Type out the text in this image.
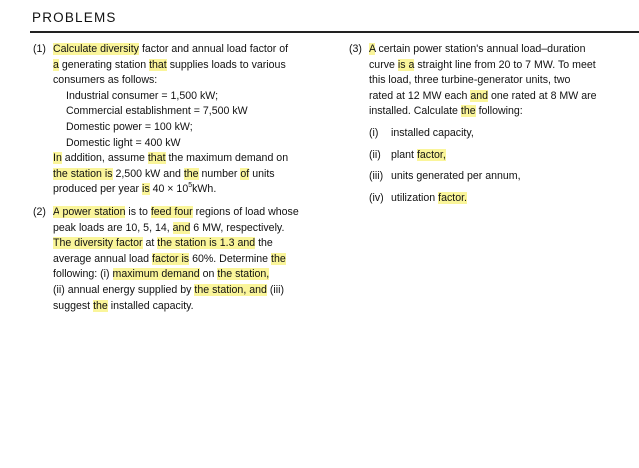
PROBLEMS
(1) Calculate diversity factor and annual load factor of
a generating station that supplies loads to various
consumers as follows:
Industrial consumer = 1,500 kW;
Commercial establishment = 7,500 kW
Domestic power = 100 kW;
Domestic light = 400 kW
In addition, assume that the maximum demand on
the station is 2,500 kW and the number of units
produced per year is $40 \times 10^5kWh$.
(2) A power station is to feed four regions of load whose
peak loads are 10, 5, 14, and 6 MW, respectively.
The diversity factor at the station is 1.3 and the
average annual load factor is 60%. Determine the
following: (i) maximum demand on the station,
(ii) annual energy supplied by the station, and (iii)
suggest the installed capacity.
(3) A certain power station's annual load–duration
curve is a straight line from 20 to 7 MW. To meet
this load, three turbine-generator units, two
rated at 12 MW each and one rated at 8 MW are
installed. Calculate the following:
(i) installed capacity,
(ii) plant factor,
(iii) units generated per annum,
(iv) utilization factor.
